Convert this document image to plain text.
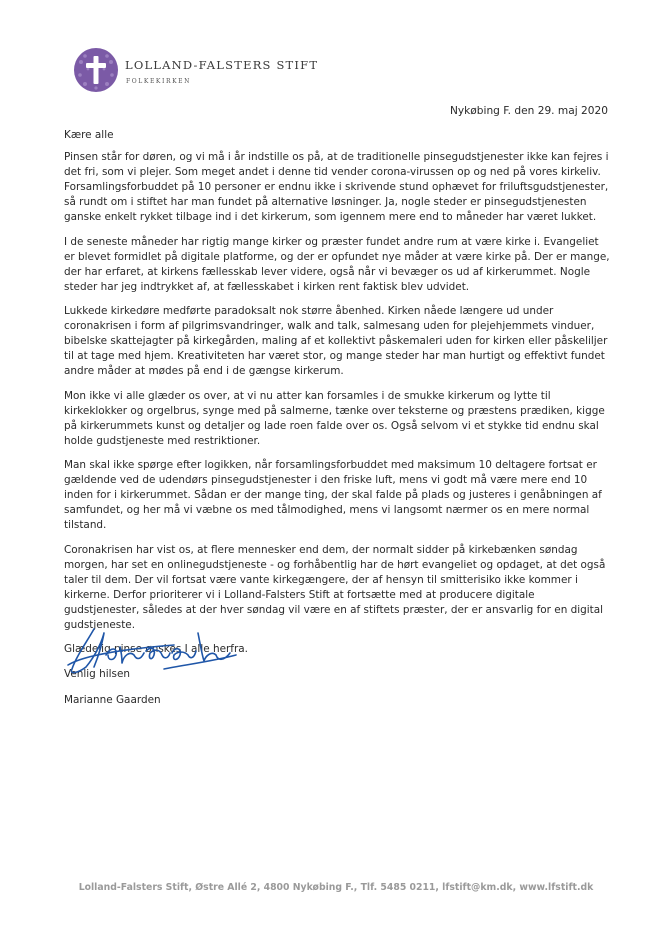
LOLLAND-FALSTERS STIFT

FOLKEKIRKEN

Nykøbing F. den 29. maj 2020

Kære alle

Pinsen står for døren, og vi må i år indstille os på, at de traditionelle pinsegudstjenester ikke kan fejres i det fri, som vi plejer. Som meget andet i denne tid vender corona-virussen op og ned på vores kirkeliv. Forsamlingsforbuddet på 10 personer er endnu ikke i skrivende stund ophævet for friluftsgudstjenester, så rundt om i stiftet har man fundet på alternative løsninger. Ja, nogle steder er pinsegudstjenesten ganske enkelt rykket tilbage ind i det kirkerum, som igennem mere end to måneder har været lukket.

I de seneste måneder har rigtig mange kirker og præster fundet andre rum at være kirke i. Evangeliet er blevet formidlet på digitale platforme, og der er opfundet nye måder at være kirke på. Der er mange, der har erfaret, at kirkens fællesskab lever videre, også når vi bevæger os ud af kirkerummet. Nogle steder har jeg indtrykket af, at fællesskabet i kirken rent faktisk blev udvidet.

Lukkede kirkedøre medførte paradoksalt nok større åbenhed. Kirken nåede længere ud under coronakrisen i form af pilgrimsvandringer, walk and talk, salmesang uden for plejehjemmets vinduer, bibelske skattejagter på kirkegården, maling af et kollektivt påskemaleri uden for kirken eller påskeliljer til at tage med hjem. Kreativiteten har været stor, og mange steder har man hurtigt og effektivt fundet andre måder at mødes på end i de gængse kirkerum.

Mon ikke vi alle glæder os over, at vi nu atter kan forsamles i de smukke kirkerum og lytte til kirkeklokker og orgelbrus, synge med på salmerne, tænke over teksterne og præstens prædiken, kigge på kirkerummets kunst og detaljer og lade roen falde over os. Også selvom vi et stykke tid endnu skal holde gudstjeneste med restriktioner.

Man skal ikke spørge efter logikken, når forsamlingsforbuddet med maksimum 10 deltagere fortsat er gældende ved de udendørs pinsegudstjenester i den friske luft, mens vi godt må være mere end 10 inden for i kirkerummet. Sådan er der mange ting, der skal falde på plads og justeres i genåbningen af samfundet, og her må vi væbne os med tålmodighed, mens vi langsomt nærmer os en mere normal tilstand.

Coronakrisen har vist os, at flere mennesker end dem, der normalt sidder på kirkebænken søndag morgen, har set en onlinegudstjeneste - og forhåbentlig har de hørt evangeliet og opdaget, at det også taler til dem. Der vil fortsat være vante kirkegængere, der af hensyn til smitterisiko ikke kommer i kirkerne. Derfor prioriterer vi i Lolland-Falsters Stift at fortsætte med at producere digitale gudstjenester, således at der hver søndag vil være en af stiftets præster, der er ansvarlig for en digital gudstjeneste.

Glædelig pinse ønskes I alle herfra.

Venlig hilsen

Marianne Gaarden

Lolland-Falsters Stift, Østre Allé 2, 4800 Nykøbing F., Tlf. 5485 0211, lfstift@km.dk, www.lfstift.dk
